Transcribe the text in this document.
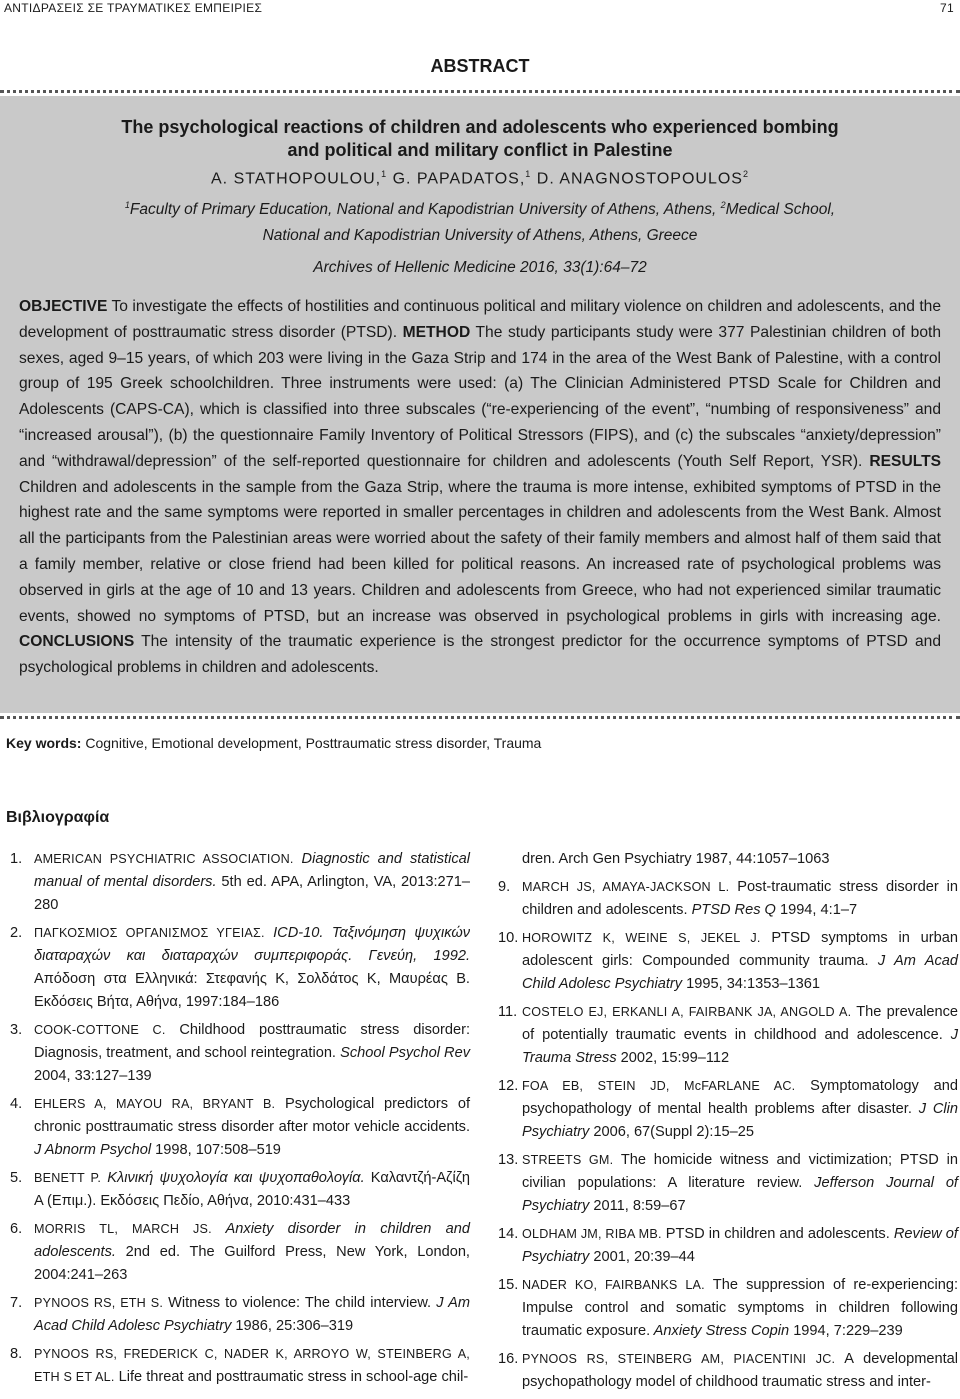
ΑΝΤΙΔΡΑΣΕΙΣ ΣΕ ΤΡΑΥΜΑΤΙΚΕΣ ΕΜΠΕΙΡΙΕΣ	71
ABSTRACT
The psychological reactions of children and adolescents who experienced bombing
and political and military conflict in Palestine
A. STATHOPOULOU,$^1$ G. PAPADATOS,$^1$ D. ANAGNOSTOPOULOS$^2$
$^1$Faculty of Primary Education, National and Kapodistrian University of Athens, Athens, $^2$Medical School,
National and Kapodistrian University of Athens, Athens, Greece
Archives of Hellenic Medicine 2016, 33(1):64–72
OBJECTIVE To investigate the effects of hostilities and continuous political and military violence on children and adolescents, and the development of posttraumatic stress disorder (PTSD). METHOD The study participants study were 377 Palestinian children of both sexes, aged 9–15 years, of which 203 were living in the Gaza Strip and 174 in the area of the West Bank of Palestine, with a control group of 195 Greek schoolchildren. Three instruments were used: (a) The Clinician Administered PTSD Scale for Children and Adolescents (CAPS-CA), which is classified into three subscales (“re-experiencing of the event”, “numbing of responsiveness” and “increased arousal”), (b) the questionnaire Family Inventory of Political Stressors (FIPS), and (c) the subscales “anxiety/depression” and “withdrawal/depression” of the self-reported questionnaire for children and adolescents (Youth Self Report, YSR). RESULTS Children and adolescents in the sample from the Gaza Strip, where the trauma is more intense, exhibited symptoms of PTSD in the highest rate and the same symptoms were reported in smaller percentages in children and adolescents from the West Bank. Almost all the participants from the Palestinian areas were worried about the safety of their family members and almost half of them said that a family member, relative or close friend had been killed for political reasons. An increased rate of psychological problems was observed in girls at the age of 10 and 13 years. Children and adolescents from Greece, who had not experienced similar traumatic events, showed no symptoms of PTSD, but an increase was observed in psychological problems in girls with increasing age. CONCLUSIONS The intensity of the traumatic experience is the strongest predictor for the occurrence symptoms of PTSD and psychological problems in children and adolescents.
Key words: Cognitive, Emotional development, Posttraumatic stress disorder, Trauma
Βιβλιογραφία
1. AMERICAN PSYCHIATRIC ASSOCIATION. Diagnostic and statistical manual of mental disorders. 5th ed. APA, Arlington, VA, 2013:271–280
2. ΠΑΓΚΟΣΜΙΟΣ ΟΡΓΑΝΙΣΜΟΣ ΥΓΕΙΑΣ. ICD-10. Ταξινόμηση ψυχικών διαταραχών και διαταραχών συμπεριφοράς. Γενεύη, 1992. Απόδοση στα Ελληνικά: Στεφανής Κ, Σολδάτος Κ, Μαυρέας Β. Εκδόσεις Βήτα, Αθήνα, 1997:184–186
3. COOK-COTTONE C. Childhood posttraumatic stress disorder: Diagnosis, treatment, and school reintegration. School Psychol Rev 2004, 33:127–139
4. EHLERS A, MAYOU RA, BRYANT B. Psychological predictors of chronic posttraumatic stress disorder after motor vehicle accidents. J Abnorm Psychol 1998, 107:508–519
5. BENETT P. Κλινική ψυχολογία και ψυχοπαθολογία. Καλαντζή-Αζίζη Α (Επιμ.). Εκδόσεις Πεδίο, Αθήνα, 2010:431–433
6. MORRIS TL, MARCH JS. Anxiety disorder in children and adolescents. 2nd ed. The Guilford Press, New York, London, 2004:241–263
7. PYNOOS RS, ETH S. Witness to violence: The child interview. J Am Acad Child Adolesc Psychiatry 1986, 25:306–319
8. PYNOOS RS, FREDERICK C, NADER K, ARROYO W, STEINBERG A, ETH S ET AL. Life threat and posttraumatic stress in school-age chil-
dren. Arch Gen Psychiatry 1987, 44:1057–1063
9. MARCH JS, AMAYA-JACKSON L. Post-traumatic stress disorder in children and adolescents. PTSD Res Q 1994, 4:1–7
10. HOROWITZ K, WEINE S, JEKEL J. PTSD symptoms in urban adolescent girls: Compounded community trauma. J Am Acad Child Adolesc Psychiatry 1995, 34:1353–1361
11. COSTELO EJ, ERKANLI A, FAIRBANK JA, ANGOLD A. The prevalence of potentially traumatic events in childhood and adolescence. J Trauma Stress 2002, 15:99–112
12. FOA EB, STEIN JD, McFARLANE AC. Symptomatology and psychopathology of mental health problems after disaster. J Clin Psychiatry 2006, 67(Suppl 2):15–25
13. STREETS GM. The homicide witness and victimization; PTSD in civilian populations: A literature review. Jefferson Journal of Psychiatry 2011, 8:59–67
14. OLDHAM JM, RIBA MB. PTSD in children and adolescents. Review of Psychiatry 2001, 20:39–44
15. NADER KO, FAIRBANKS LA. The suppression of re-experiencing: Impulse control and somatic symptoms in children following traumatic exposure. Anxiety Stress Copin 1994, 7:229–239
16. PYNOOS RS, STEINBERG AM, PIACENTINI JC. A developmental psychopathology model of childhood traumatic stress and inter-
